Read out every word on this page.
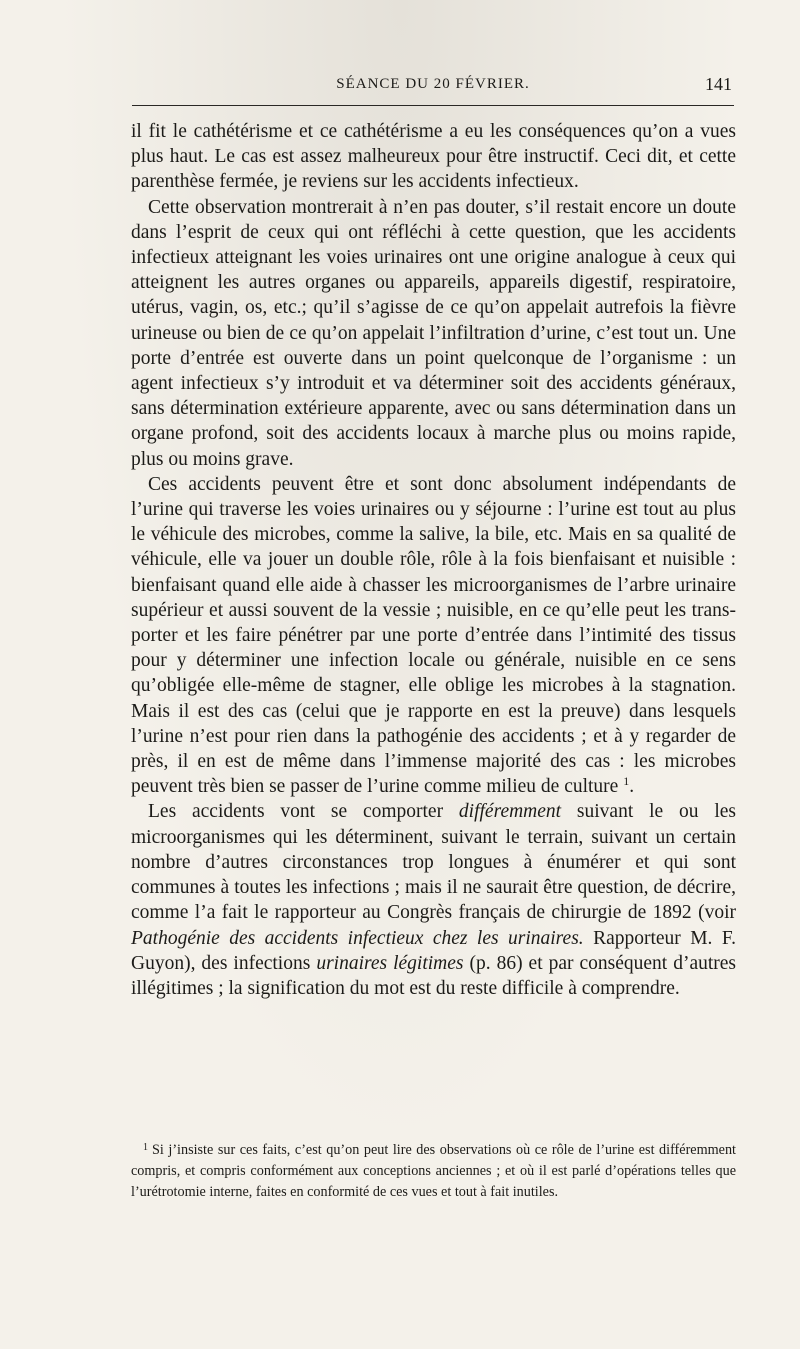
SÉANCE DU 20 FÉVRIER.	141

il fit le cathétérisme et ce cathétérisme a eu les conséquences qu’on a vues plus haut. Le cas est assez malheureux pour être instructif. Ceci dit, et cette parenthèse fermée, je reviens sur les accidents infectieux.

Cette observation montrerait à n’en pas douter, s’il restait encore un doute dans l’esprit de ceux qui ont réfléchi à cette question, que les accidents infectieux atteignant les voies urinaires ont une origine analogue à ceux qui atteignent les autres organes ou appareils, appareils digestif, respiratoire, utérus, vagin, os, etc.; qu’il s’agisse de ce qu’on appelait autrefois la fièvre urineuse ou bien de ce qu’on appelait l’infiltration d’urine, c’est tout un. Une porte d’entrée est ouverte dans un point quelconque de l’organisme : un agent infectieux s’y introduit et va déterminer soit des accidents généraux, sans détermination extérieure apparente, avec ou sans détermination dans un organe profond, soit des accidents locaux à marche plus ou moins rapide, plus ou moins grave.

Ces accidents peuvent être et sont donc absolument indépendants de l’urine qui traverse les voies urinaires ou y séjourne : l’urine est tout au plus le véhicule des microbes, comme la salive, la bile, etc. Mais en sa qualité de véhicule, elle va jouer un double rôle, rôle à la fois bienfaisant et nuisible : bienfaisant quand elle aide à chasser les microorganismes de l’arbre urinaire supérieur et aussi souvent de la vessie ; nuisible, en ce qu’elle peut les transporter et les faire pénétrer par une porte d’entrée dans l’intimité des tissus pour y déterminer une infection locale ou générale, nuisible en ce sens qu’obligée elle-même de stagner, elle oblige les microbes à la stagnation. Mais il est des cas (celui que je rapporte en est la preuve) dans lesquels l’urine n’est pour rien dans la pathogénie des accidents ; et à y regarder de près, il en est de même dans l’immense majorité des cas : les microbes peuvent très bien se passer de l’urine comme milieu de culture $^1$.

Les accidents vont se comporter différemment suivant le ou les microorganismes qui les déterminent, suivant le terrain, suivant un certain nombre d’autres circonstances trop longues à énumérer et qui sont communes à toutes les infections ; mais il ne saurait être question, de décrire, comme l’a fait le rapporteur au Congrès français de chirurgie de 1892 (voir Pathogénie des accidents infectieux chez les urinaires. Rapporteur M. F. Guyon), des infections urinaires légitimes (p. 86) et par conséquent d’autres illégitimes ; la signification du mot est du reste difficile à comprendre.

$^1$ Si j’insiste sur ces faits, c’est qu’on peut lire des observations où ce rôle de l’urine est différemment compris, et compris conformément aux conceptions anciennes ; et où il est parlé d’opérations telles que l’urétrotomie interne, faites en conformité de ces vues et tout à fait inutiles.
